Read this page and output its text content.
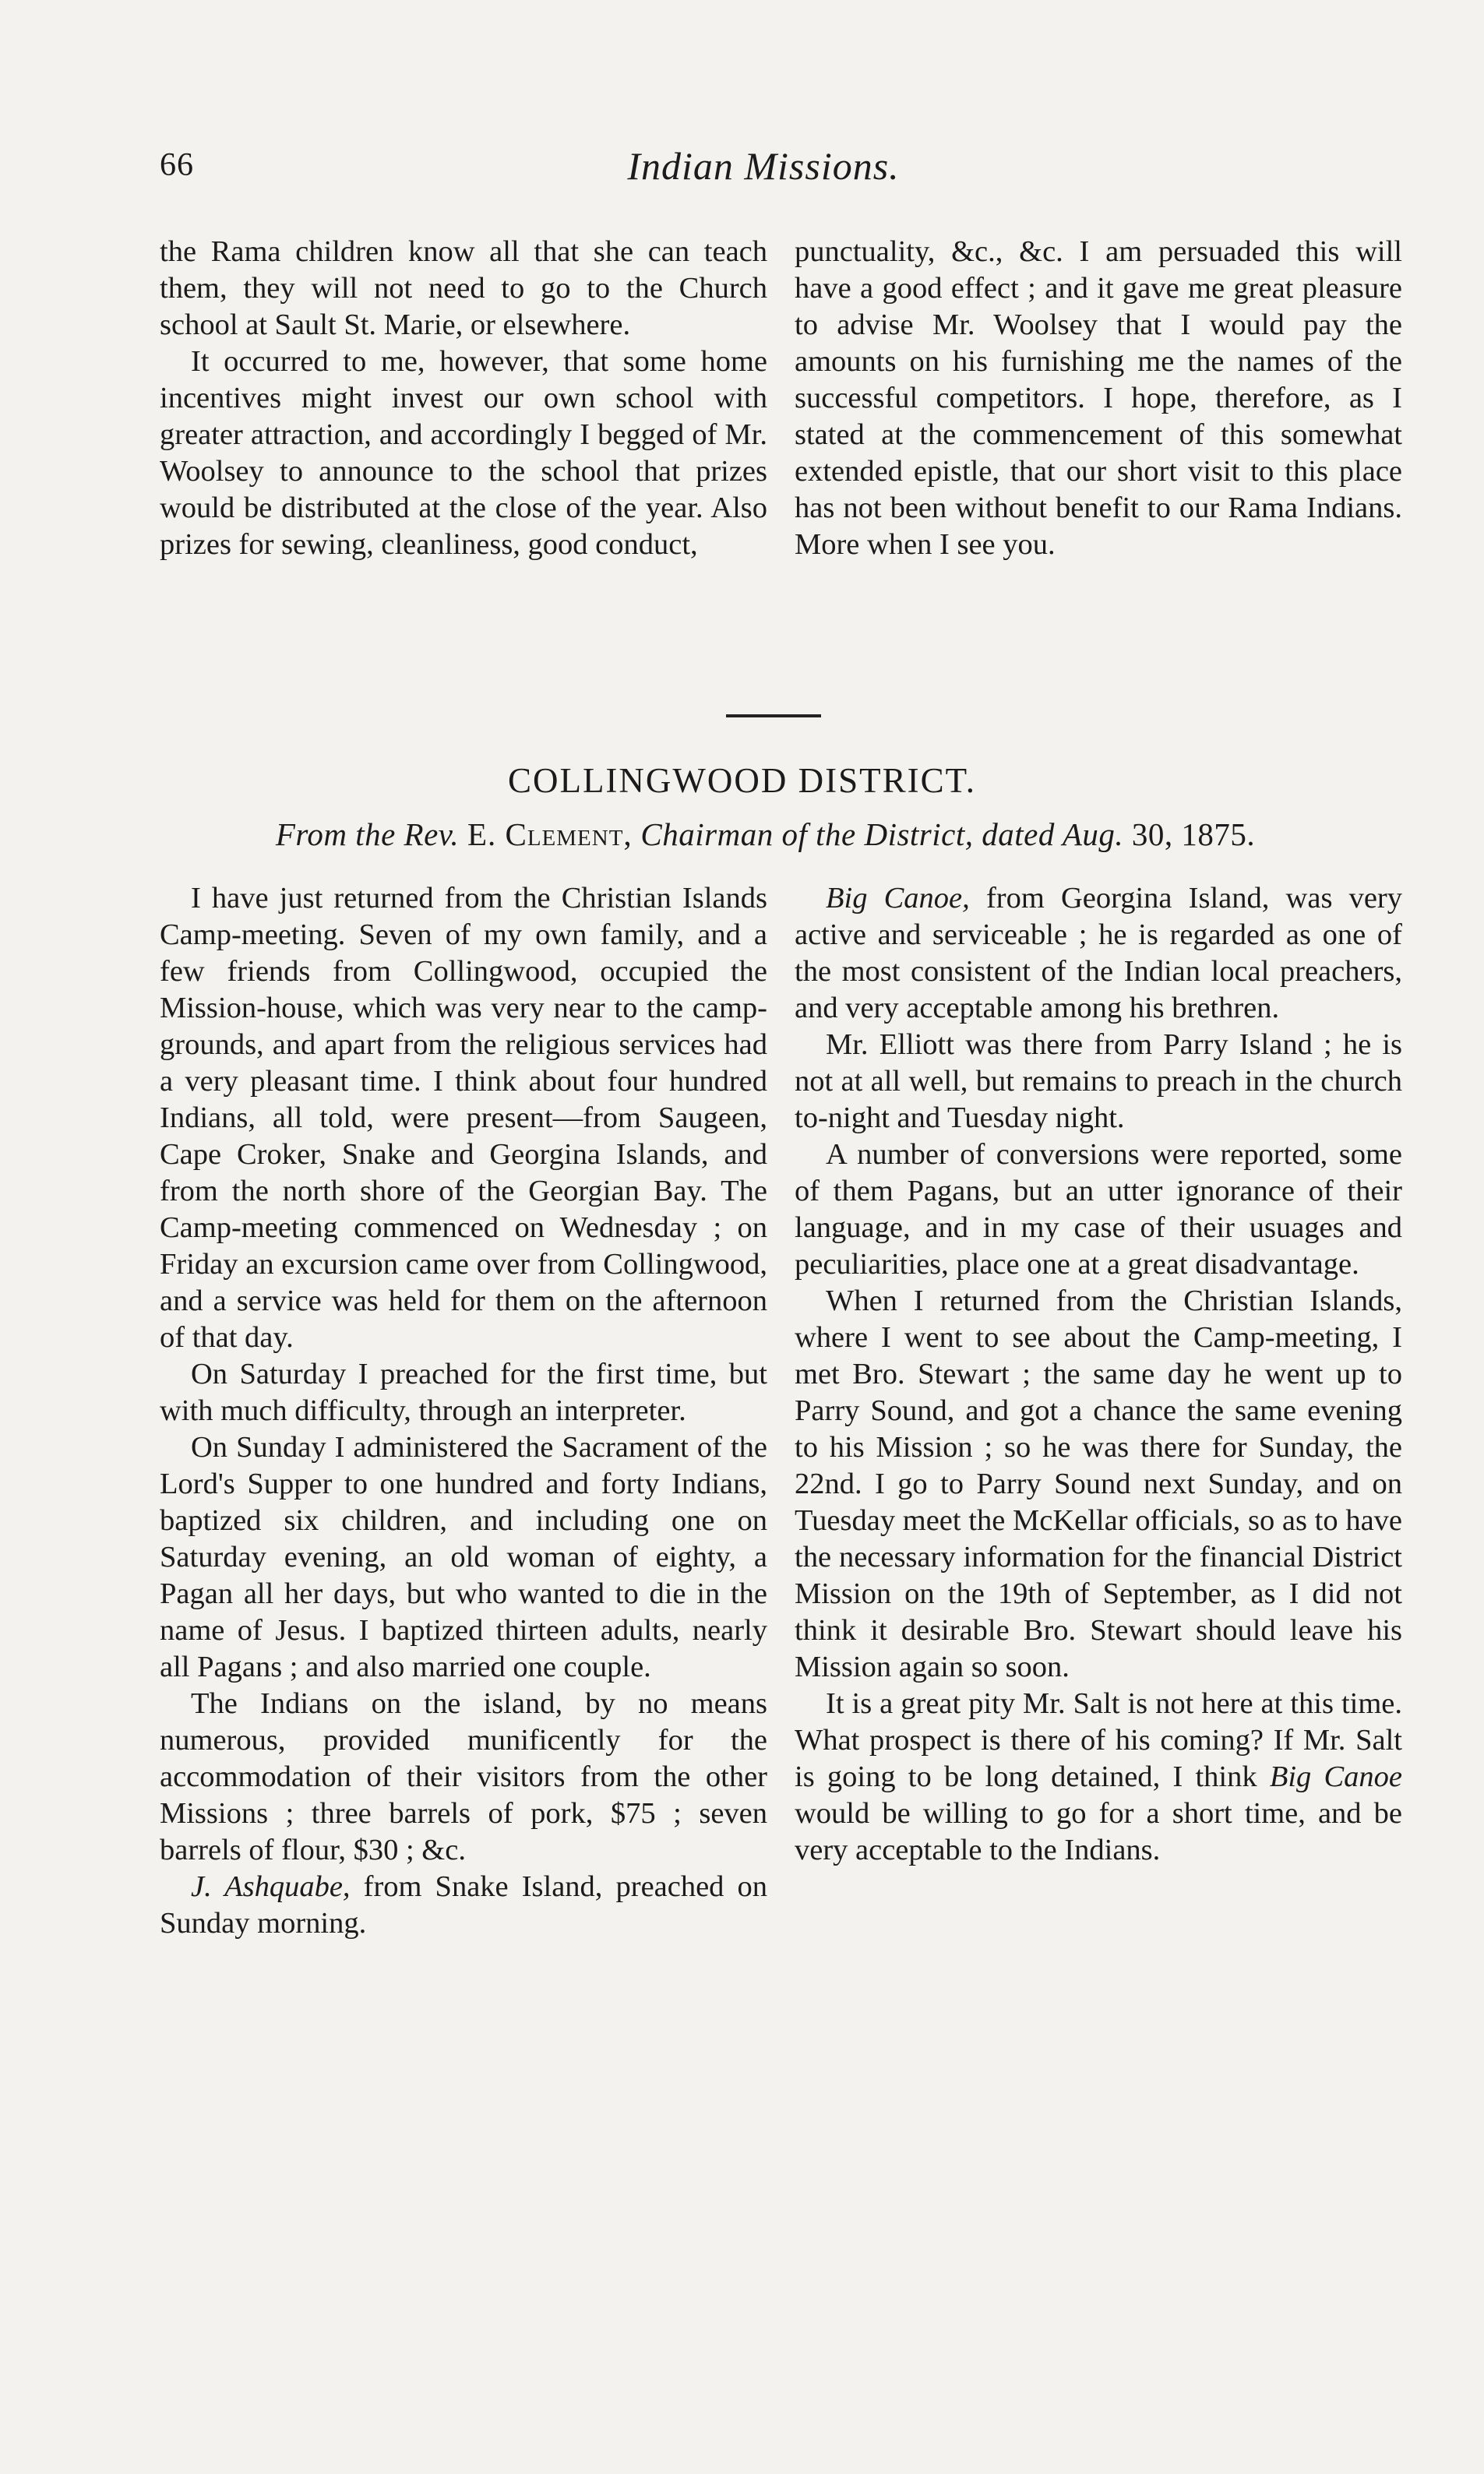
66	Indian Missions.

the Rama children know all that she can teach them, they will not need to go to the Church school at Sault St. Marie, or elsewhere.

It occurred to me, however, that some home incentives might invest our own school with greater attraction, and accordingly I begged of Mr. Woolsey to announce to the school that prizes would be distributed at the close of the year. Also prizes for sewing, cleanliness, good conduct,

punctuality, &c., &c. I am persuaded this will have a good effect ; and it gave me great pleasure to advise Mr. Woolsey that I would pay the amounts on his furnishing me the names of the successful competitors. I hope, therefore, as I stated at the commencement of this somewhat extended epistle, that our short visit to this place has not been without benefit to our Rama Indians. More when I see you.

COLLINGWOOD DISTRICT.
From the Rev. E. Clement, Chairman of the District, dated Aug. 30, 1875.

I have just returned from the Christian Islands Camp-meeting. Seven of my own family, and a few friends from Collingwood, occupied the Mission-house, which was very near to the camp-grounds, and apart from the religious services had a very pleasant time. I think about four hundred Indians, all told, were present—from Saugeen, Cape Croker, Snake and Georgina Islands, and from the north shore of the Georgian Bay. The Camp-meeting commenced on Wednesday ; on Friday an excursion came over from Collingwood, and a service was held for them on the afternoon of that day.

On Saturday I preached for the first time, but with much difficulty, through an interpreter.

On Sunday I administered the Sacrament of the Lord's Supper to one hundred and forty Indians, baptized six children, and including one on Saturday evening, an old woman of eighty, a Pagan all her days, but who wanted to die in the name of Jesus. I baptized thirteen adults, nearly all Pagans ; and also married one couple.

The Indians on the island, by no means numerous, provided munificently for the accommodation of their visitors from the other Missions ; three barrels of pork, $75 ; seven barrels of flour, $30 ; &c.

J. Ashquabe, from Snake Island, preached on Sunday morning.

Big Canoe, from Georgina Island, was very active and serviceable ; he is regarded as one of the most consistent of the Indian local preachers, and very acceptable among his brethren.

Mr. Elliott was there from Parry Island ; he is not at all well, but remains to preach in the church to-night and Tuesday night.

A number of conversions were reported, some of them Pagans, but an utter ignorance of their language, and in my case of their usuages and peculiarities, place one at a great disadvantage.

When I returned from the Christian Islands, where I went to see about the Camp-meeting, I met Bro. Stewart ; the same day he went up to Parry Sound, and got a chance the same evening to his Mission ; so he was there for Sunday, the 22nd. I go to Parry Sound next Sunday, and on Tuesday meet the McKellar officials, so as to have the necessary information for the financial District Mission on the 19th of September, as I did not think it desirable Bro. Stewart should leave his Mission again so soon.

It is a great pity Mr. Salt is not here at this time. What prospect is there of his coming? If Mr. Salt is going to be long detained, I think Big Canoe would be willing to go for a short time, and be very acceptable to the Indians.
